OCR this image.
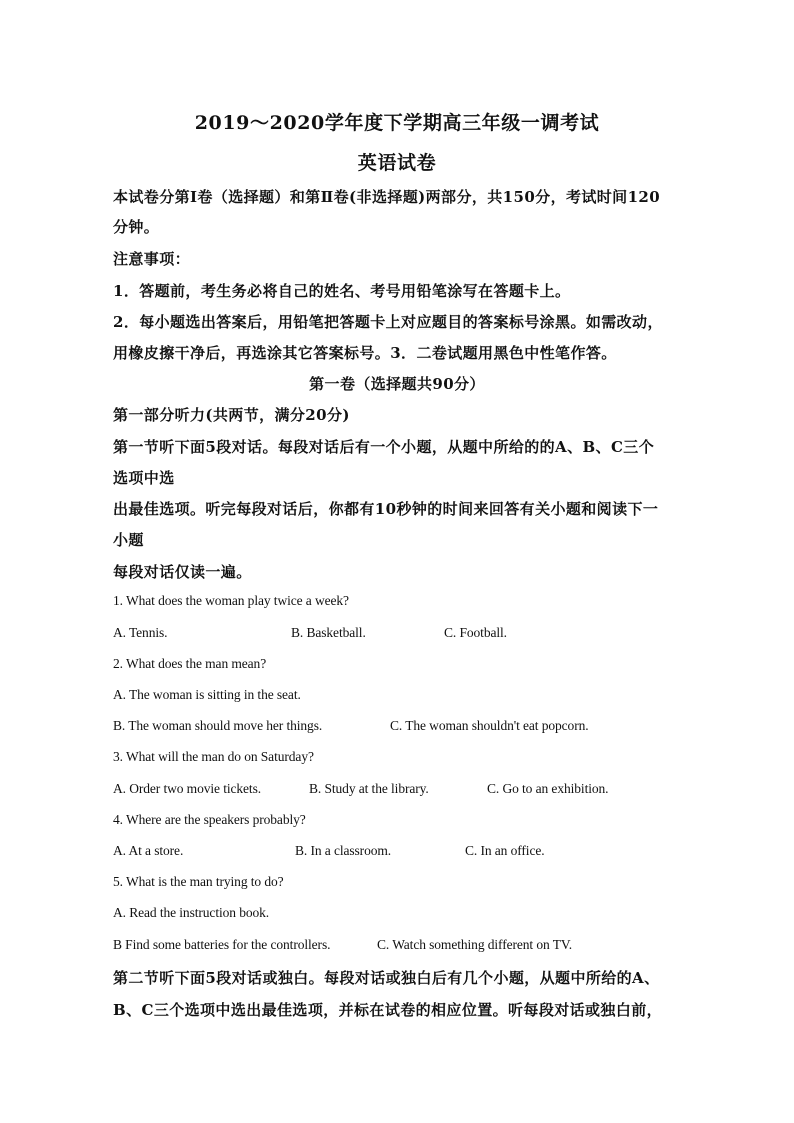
2019～2020学年度下学期高三年级一调考试
英语试卷
本试卷分第Ⅰ卷（选择题）和第Ⅱ卷(非选择题)两部分，共150分，考试时间120
分钟。
注意事项：
1．答题前，考生务必将自己的姓名、考号用铅笔涂写在答题卡上。
2．每小题选出答案后，用铅笔把答题卡上对应题目的答案标号涂黑。如需改动，
用橡皮擦干净后，再选涂其它答案标号。3．二卷试题用黑色中性笔作答。
第一卷（选择题共90分）
第一部分听力(共两节，满分20分)
第一节听下面5段对话。每段对话后有一个小题，从题中所给的的A、B、C三个
选项中选
出最佳选项。听完每段对话后，你都有10秒钟的时间来回答有关小题和阅读下一
小题
每段对话仅读一遍。
1. What does the woman play twice a week?
A. Tennis.	B. Basketball.	C. Football.
2. What does the man mean?
A. The woman is sitting in the seat.
B. The woman should move her things.	C. The woman shouldn't eat popcorn.
3. What will the man do on Saturday?
A. Order two movie tickets.	B. Study at the library.	C. Go to an exhibition.
4. Where are the speakers probably?
A. At a store.	B. In a classroom.	C. In an office.
5. What is the man trying to do?
A. Read the instruction book.
B Find some batteries for the controllers.	C. Watch something different on TV.
第二节听下面5段对话或独白。每段对话或独白后有几个小题，从题中所给的A、
B、C三个选项中选出最佳选项，并标在试卷的相应位置。听每段对话或独白前，
